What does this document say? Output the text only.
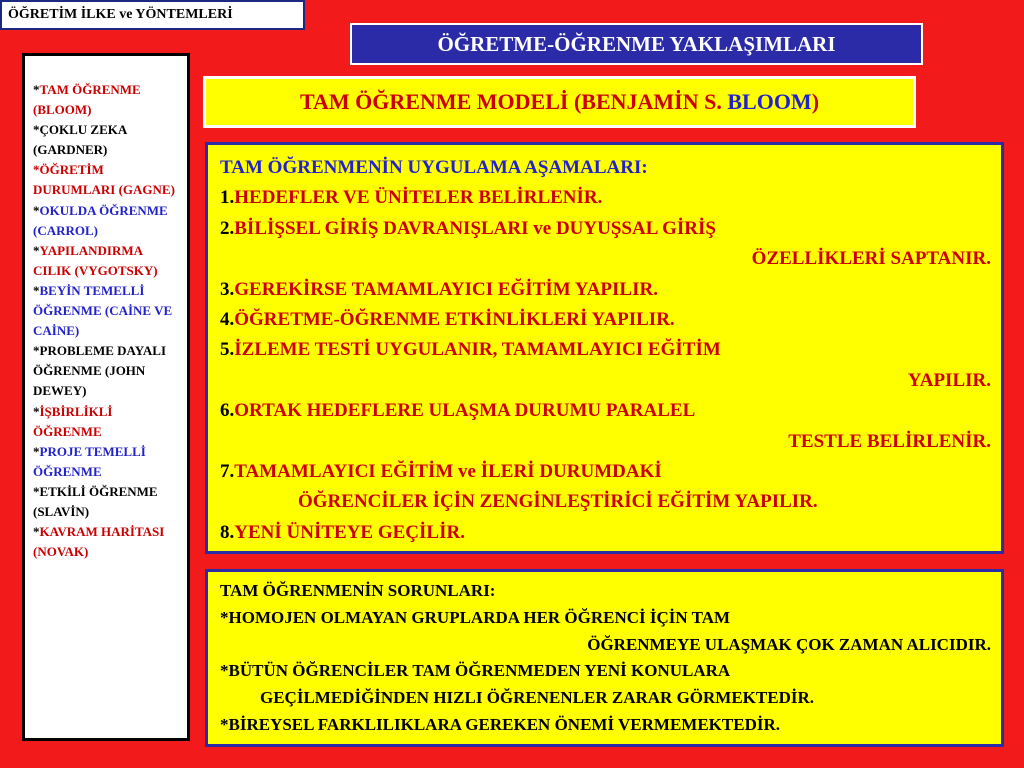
ÖĞRETİM İLKE ve YÖNTEMLERİ
ÖĞRETME-ÖĞRENME YAKLAŞIMLARI
*TAM ÖĞRENME (BLOOM)
*ÇOKLU ZEKA (GARDNER)
*ÖĞRETİM DURUMLARI (GAGNE)
*OKULDA ÖĞRENME (CARROL)
*YAPILANDIRMA CILIK (VYGOTSKY)
*BEYİN TEMELLİ ÖĞRENME (CAİNE VE CAİNE)
*PROBLEME DAYALI ÖĞRENME (JOHN DEWEY)
*İŞBİRLİKLİ ÖĞRENME
*PROJE TEMELLİ ÖĞRENME
*ETKİLİ ÖĞRENME (SLAVİN)
*KAVRAM HARİTASI (NOVAK)
TAM ÖĞRENME MODELİ (BENJAMİN S. BLOOM )
TAM ÖĞRENMENİN UYGULAMA AŞAMALARI:
1.HEDEFLER VE ÜNİTELER BELİRLENİR.
2.BİLİŞSEL GİRİŞ DAVRANIŞLARI ve DUYUŞSAL GİRİŞ
ÖZELLİKLERİ SAPTANIR.
3.GEREKİRSE TAMAMLAYICI EĞİTİM YAPILIR.
4.ÖĞRETME-ÖĞRENME ETKİNLİKLERİ YAPILIR.
5.İZLEME TESTİ UYGULANIR, TAMAMLAYICI EĞİTİM
YAPILIR.
6.ORTAK HEDEFLERE ULAŞMA DURUMU PARALEL
TESTLE BELİRLENİR.
7.TAMAMLAYICI EĞİTİM ve İLERİ DURUMDAKİ
ÖĞRENCİLER İÇİN ZENGİNLEŞTİRİCİ EĞİTİM YAPILIR.
8.YENİ ÜNİTEYE GEÇİLİR.
TAM ÖĞRENMENİN SORUNLARI:
*HOMOJEN OLMAYAN GRUPLARDA HER ÖĞRENCİ İÇİN TAM
ÖĞRENMEYE ULAŞMAK ÇOK ZAMAN ALICIDIR.
*BÜTÜN ÖĞRENCİLER TAM ÖĞRENMEDEN YENİ KONULARA
GEÇİLMEDİĞİNDEN HIZLI ÖĞRENENLER ZARAR GÖRMEKTEDİR.
*BİREYSEL FARKLILIKLARA GEREKEN ÖNEMİ VERMEMEKTEDİR.
